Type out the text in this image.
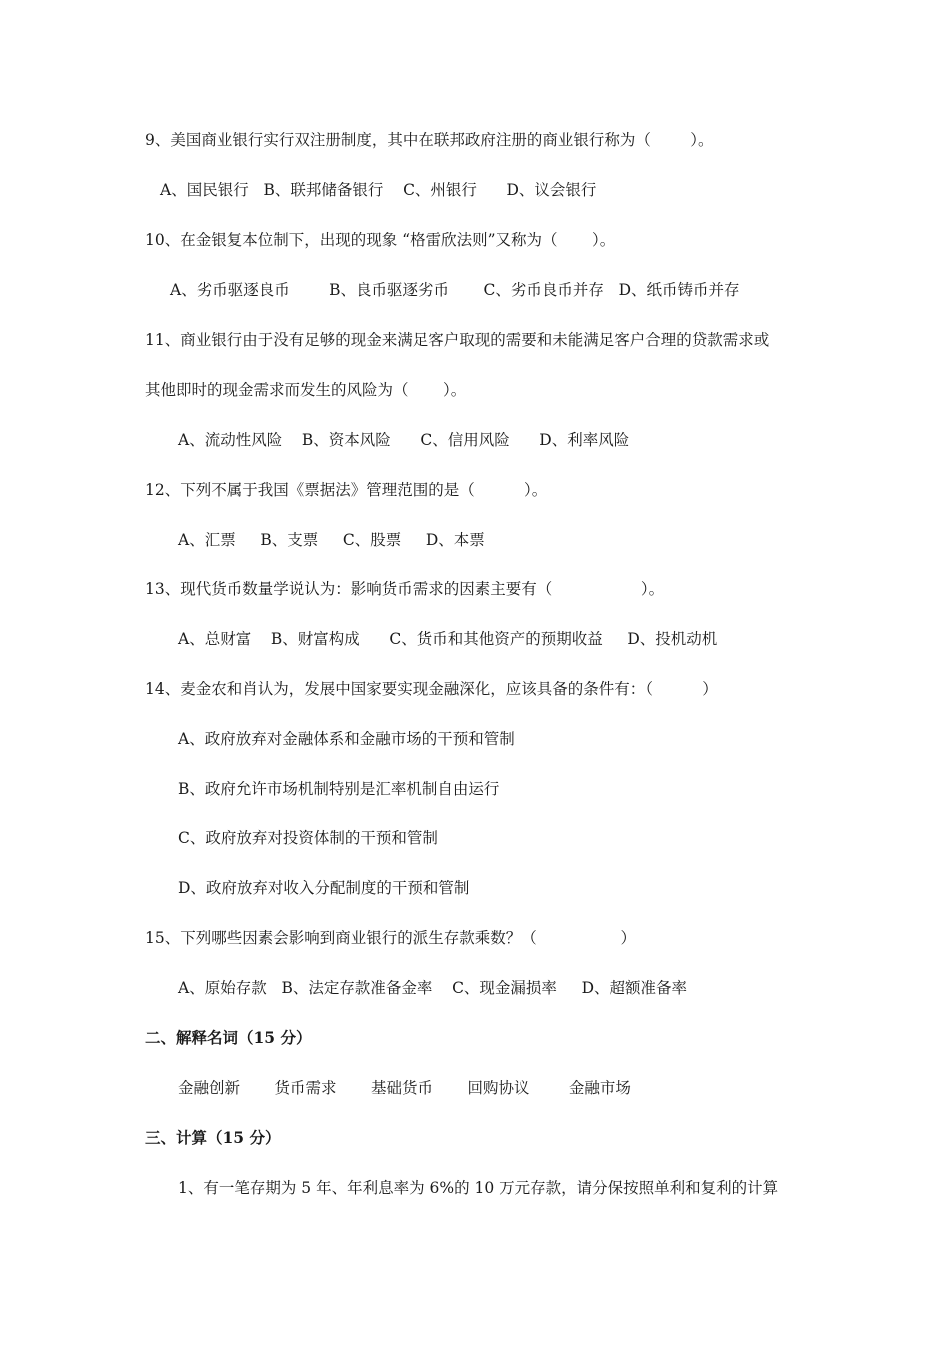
9、美国商业银行实行双注册制度，其中在联邦政府注册的商业银行称为（        ）。
A、国民银行   B、联邦储备银行    C、州银行      D、议会银行
10、在金银复本位制下，出现的现象 “格雷欣法则”又称为（       ）。
A、劣币驱逐良币        B、良币驱逐劣币       C、劣币良币并存   D、纸币铸币并存
11、商业银行由于没有足够的现金来满足客户取现的需要和未能满足客户合理的贷款需求或
其他即时的现金需求而发生的风险为（       ）。
A、流动性风险    B、资本风险      C、信用风险      D、利率风险
12、下列不属于我国《票据法》管理范围的是（          ）。
A、汇票     B、支票     C、股票     D、本票
13、现代货币数量学说认为：影响货币需求的因素主要有（                  ）。
A、总财富    B、财富构成      C、货币和其他资产的预期收益     D、投机动机
14、麦金农和肖认为，发展中国家要实现金融深化，应该具备的条件有：（          ）
A、政府放弃对金融体系和金融市场的干预和管制
B、政府允许市场机制特别是汇率机制自由运行
C、政府放弃对投资体制的干预和管制
D、政府放弃对收入分配制度的干预和管制
15、下列哪些因素会影响到商业银行的派生存款乘数？（                 ）
A、原始存款   B、法定存款准备金率    C、现金漏损率     D、超额准备率
二、解释名词（15 分）
金融创新       货币需求       基础货币       回购协议        金融市场
三、计算（15 分）
1、有一笔存期为 5 年、年利息率为 6%的 10 万元存款，请分保按照单利和复利的计算
